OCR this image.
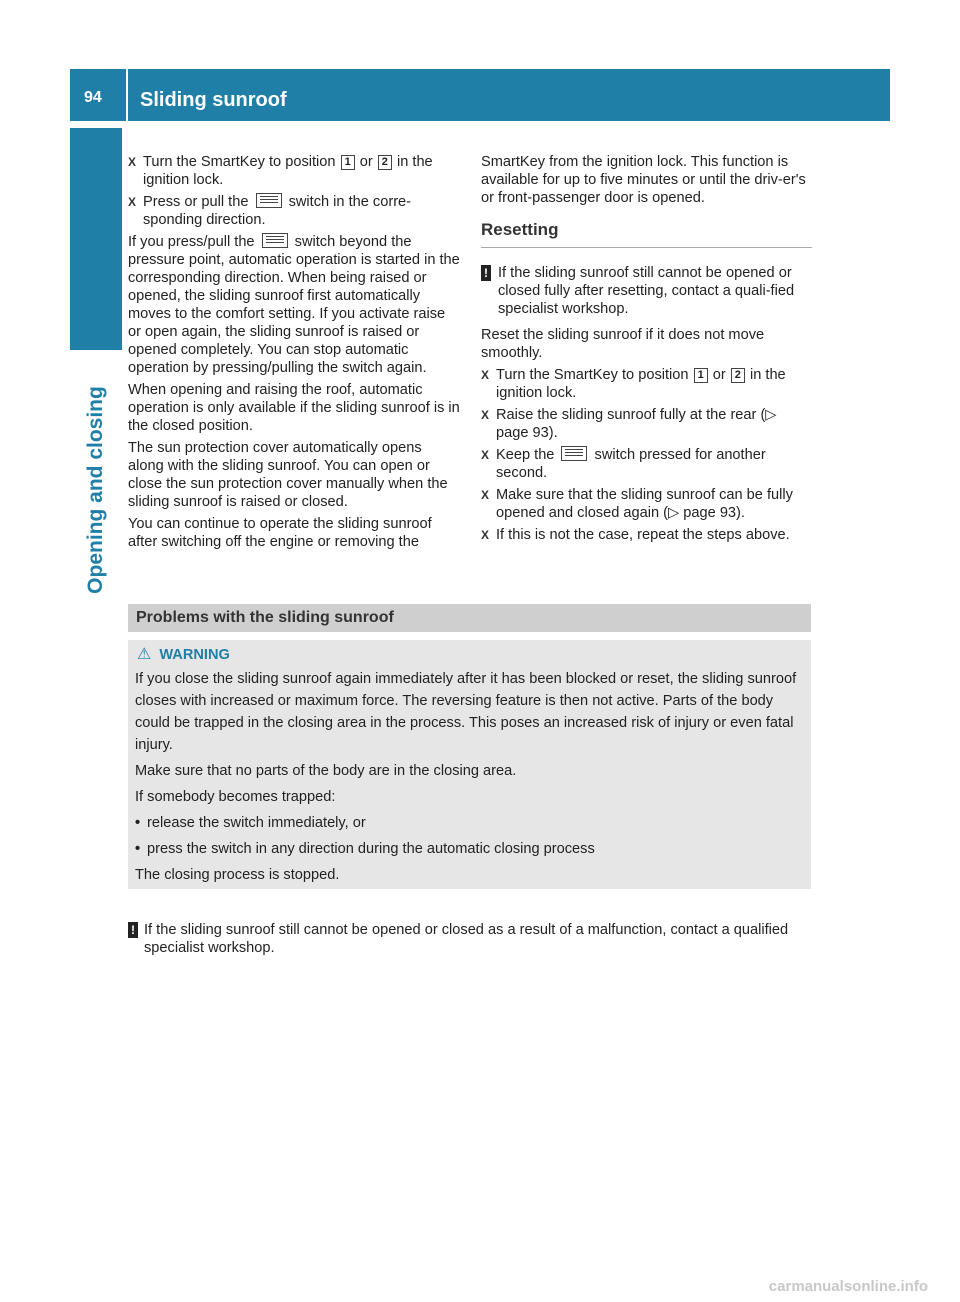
94 Sliding sunroof
Opening and closing
X Turn the SmartKey to position 1 or 2 in the ignition lock.
X Press or pull the  switch in the corre-sponding direction.

If you press/pull the  switch beyond the pressure point, automatic operation is started in the corresponding direction. When being raised or opened, the sliding sunroof first automatically moves to the comfort setting. If you activate raise or open again, the sliding sunroof is raised or opened completely. You can stop automatic operation by pressing/pulling the switch again.

When opening and raising the roof, automatic operation is only available if the sliding sunroof is in the closed position.

The sun protection cover automatically opens along with the sliding sunroof. You can open or close the sun protection cover manually when the sliding sunroof is raised or closed.

You can continue to operate the sliding sunroof after switching off the engine or removing the

SmartKey from the ignition lock. This function is available for up to five minutes or until the driv-er's or front-passenger door is opened.

Resetting
! If the sliding sunroof still cannot be opened or closed fully after resetting, contact a quali-fied specialist workshop.

Reset the sliding sunroof if it does not move smoothly.

X Turn the SmartKey to position 1 or 2 in the ignition lock.
X Raise the sliding sunroof fully at the rear (▷ page 93).
X Keep the  switch pressed for another second.
X Make sure that the sliding sunroof can be fully opened and closed again (▷ page 93).
X If this is not the case, repeat the steps above.
Problems with the sliding sunroof
⚠ WARNING

If you close the sliding sunroof again immediately after it has been blocked or reset, the sliding sunroof closes with increased or maximum force. The reversing feature is then not active. Parts of the body could be trapped in the closing area in the process. This poses an increased risk of injury or even fatal injury.

Make sure that no parts of the body are in the closing area.

If somebody becomes trapped:

• release the switch immediately, or
• press the switch in any direction during the automatic closing process

The closing process is stopped.

! If the sliding sunroof still cannot be opened or closed as a result of a malfunction, contact a qualified specialist workshop.
carmanualsonline.info
